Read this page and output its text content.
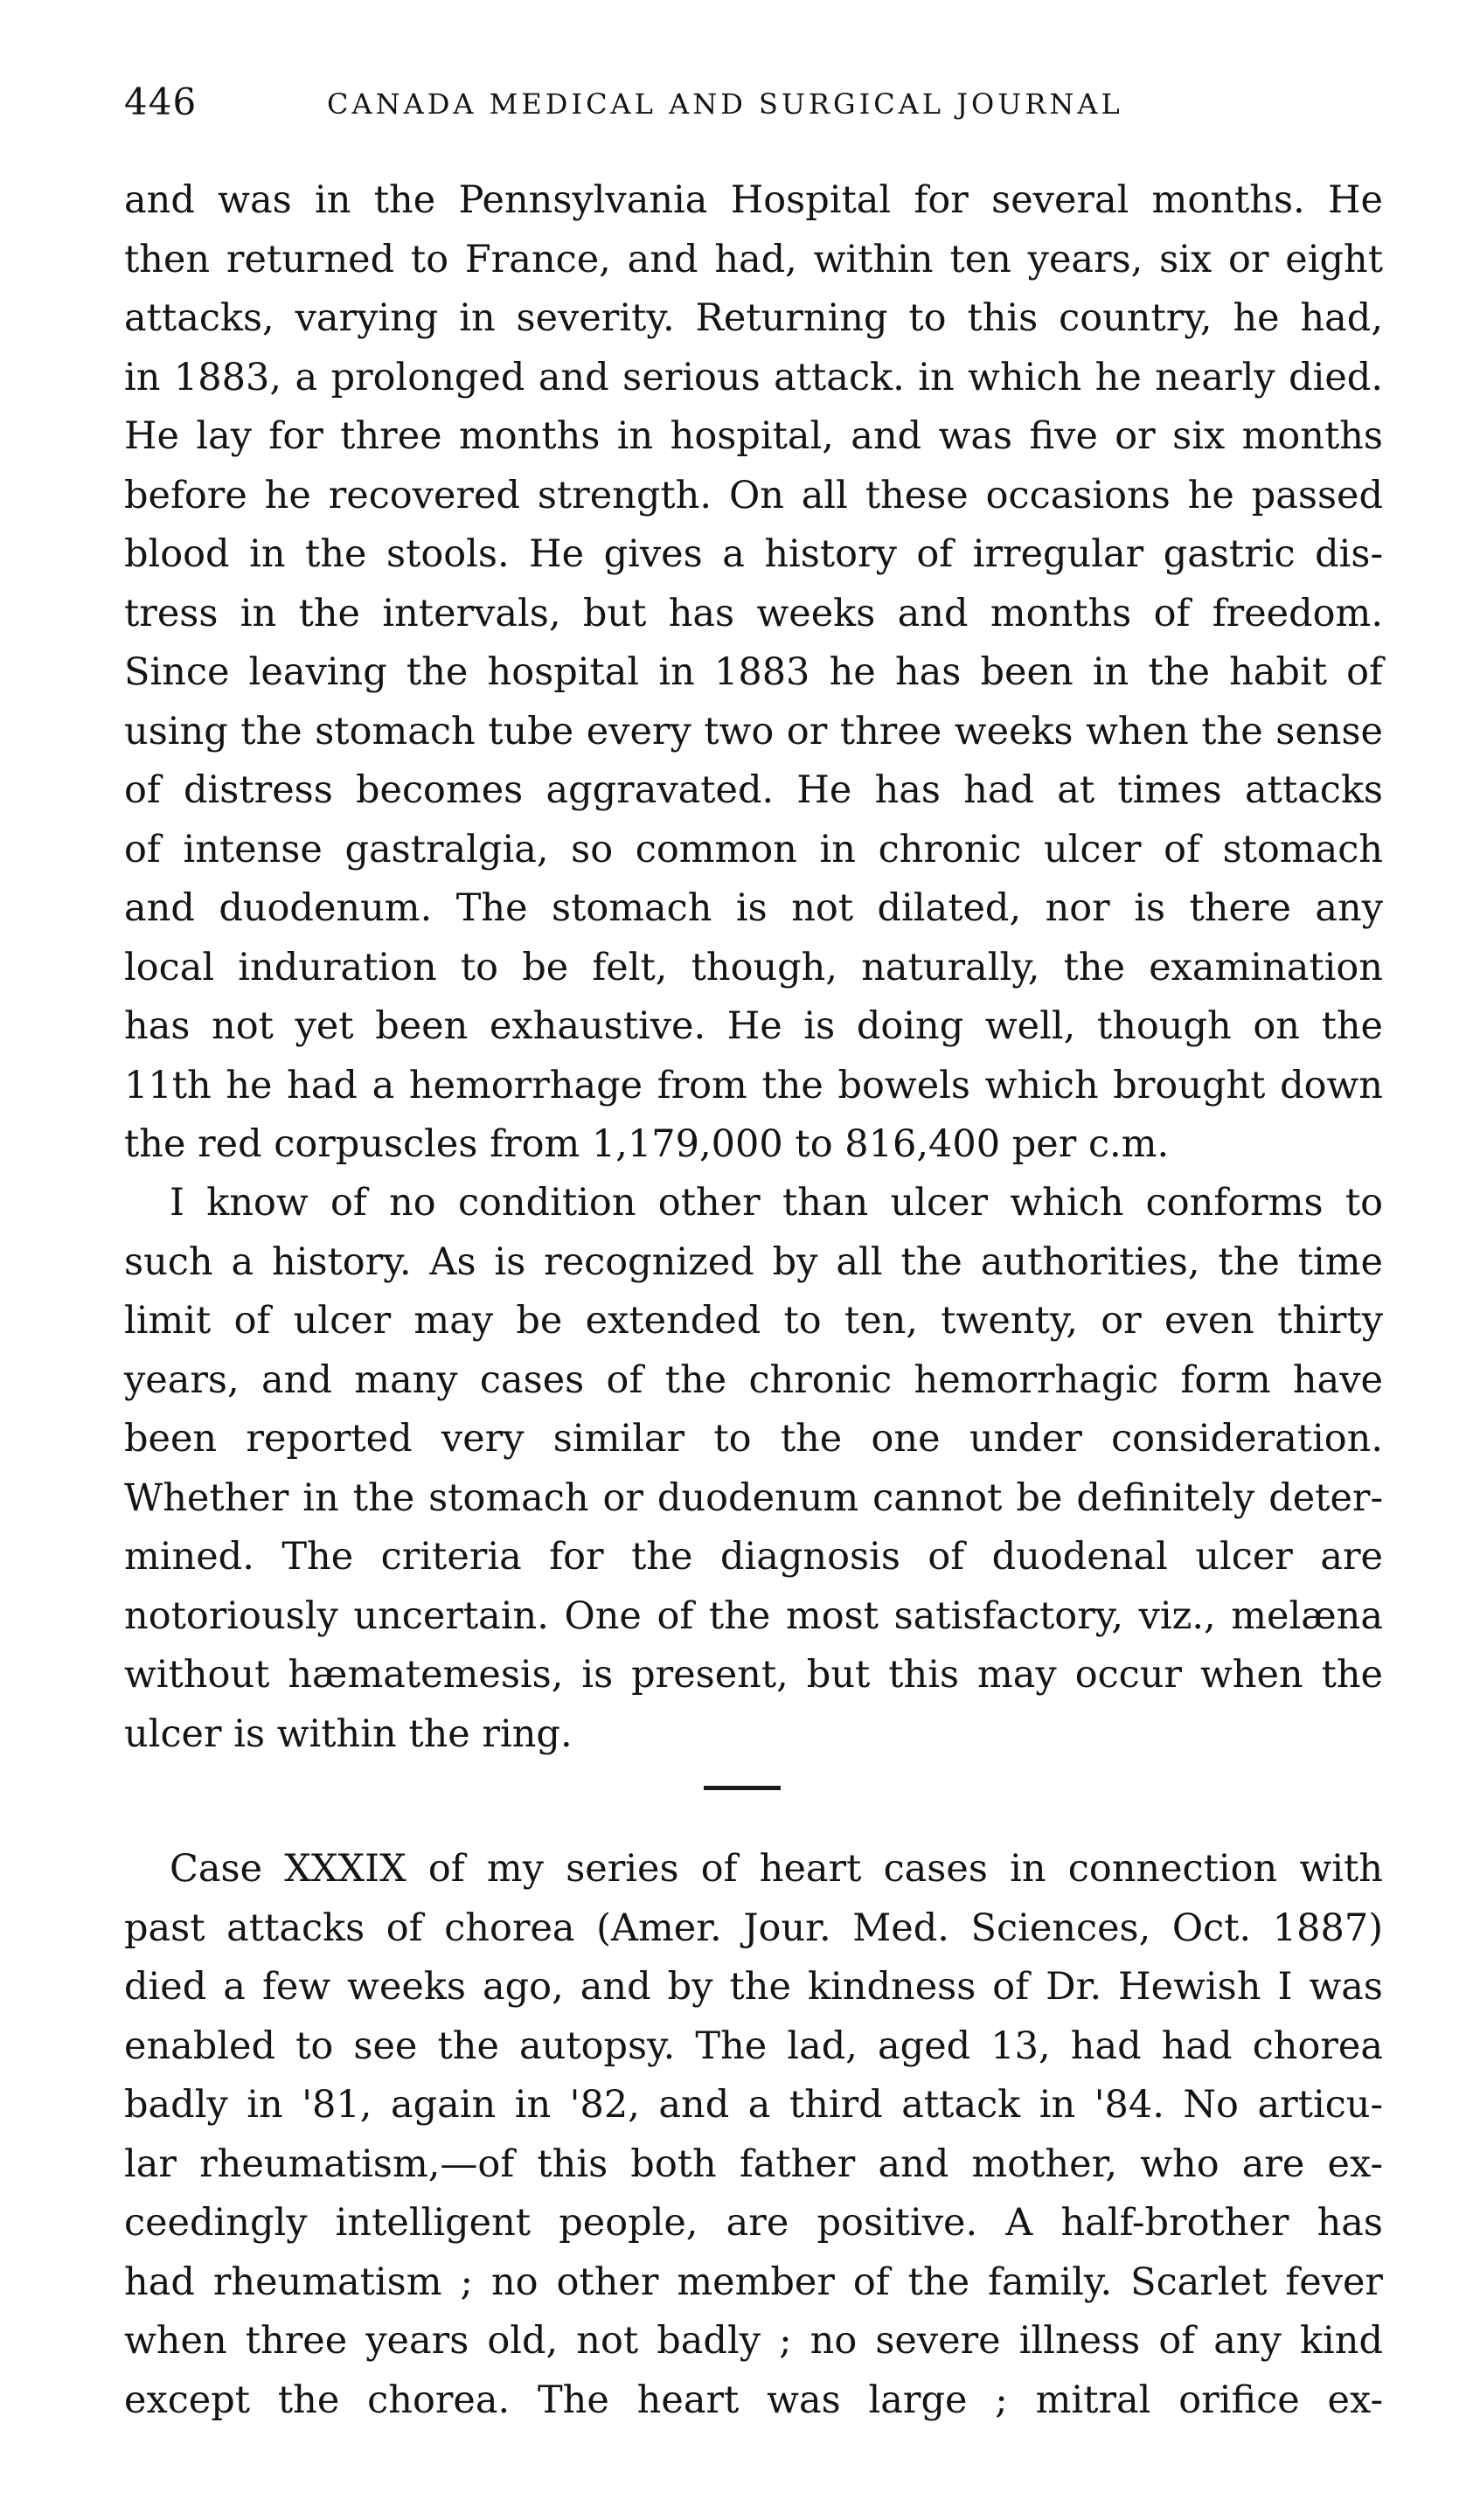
446	CANADA MEDICAL AND SURGICAL JOURNAL
and was in the Pennsylvania Hospital for several months. He
then returned to France, and had, within ten years, six or eight
attacks, varying in severity. Returning to this country, he had,
in 1883, a prolonged and serious attack. in which he nearly died.
He lay for three months in hospital, and was five or six months
before he recovered strength. On all these occasions he passed
blood in the stools. He gives a history of irregular gastric dis-
tress in the intervals, but has weeks and months of freedom.
Since leaving the hospital in 1883 he has been in the habit of
using the stomach tube every two or three weeks when the sense
of distress becomes aggravated. He has had at times attacks
of intense gastralgia, so common in chronic ulcer of stomach
and duodenum. The stomach is not dilated, nor is there any
local induration to be felt, though, naturally, the examination
has not yet been exhaustive. He is doing well, though on the
11th he had a hemorrhage from the bowels which brought down
the red corpuscles from 1,179,000 to 816,400 per c.m.
I know of no condition other than ulcer which conforms to
such a history. As is recognized by all the authorities, the time
limit of ulcer may be extended to ten, twenty, or even thirty
years, and many cases of the chronic hemorrhagic form have
been reported very similar to the one under consideration.
Whether in the stomach or duodenum cannot be definitely deter-
mined. The criteria for the diagnosis of duodenal ulcer are
notoriously uncertain. One of the most satisfactory, viz., melæna
without hæmatemesis, is present, but this may occur when the
ulcer is within the ring.
Case XXXIX of my series of heart cases in connection with
past attacks of chorea (Amer. Jour. Med. Sciences, Oct. 1887)
died a few weeks ago, and by the kindness of Dr. Hewish I was
enabled to see the autopsy. The lad, aged 13, had had chorea
badly in '81, again in '82, and a third attack in '84. No articu-
lar rheumatism,—of this both father and mother, who are ex-
ceedingly intelligent people, are positive. A half-brother has
had rheumatism ; no other member of the family. Scarlet fever
when three years old, not badly ; no severe illness of any kind
except the chorea. The heart was large ; mitral orifice ex-
